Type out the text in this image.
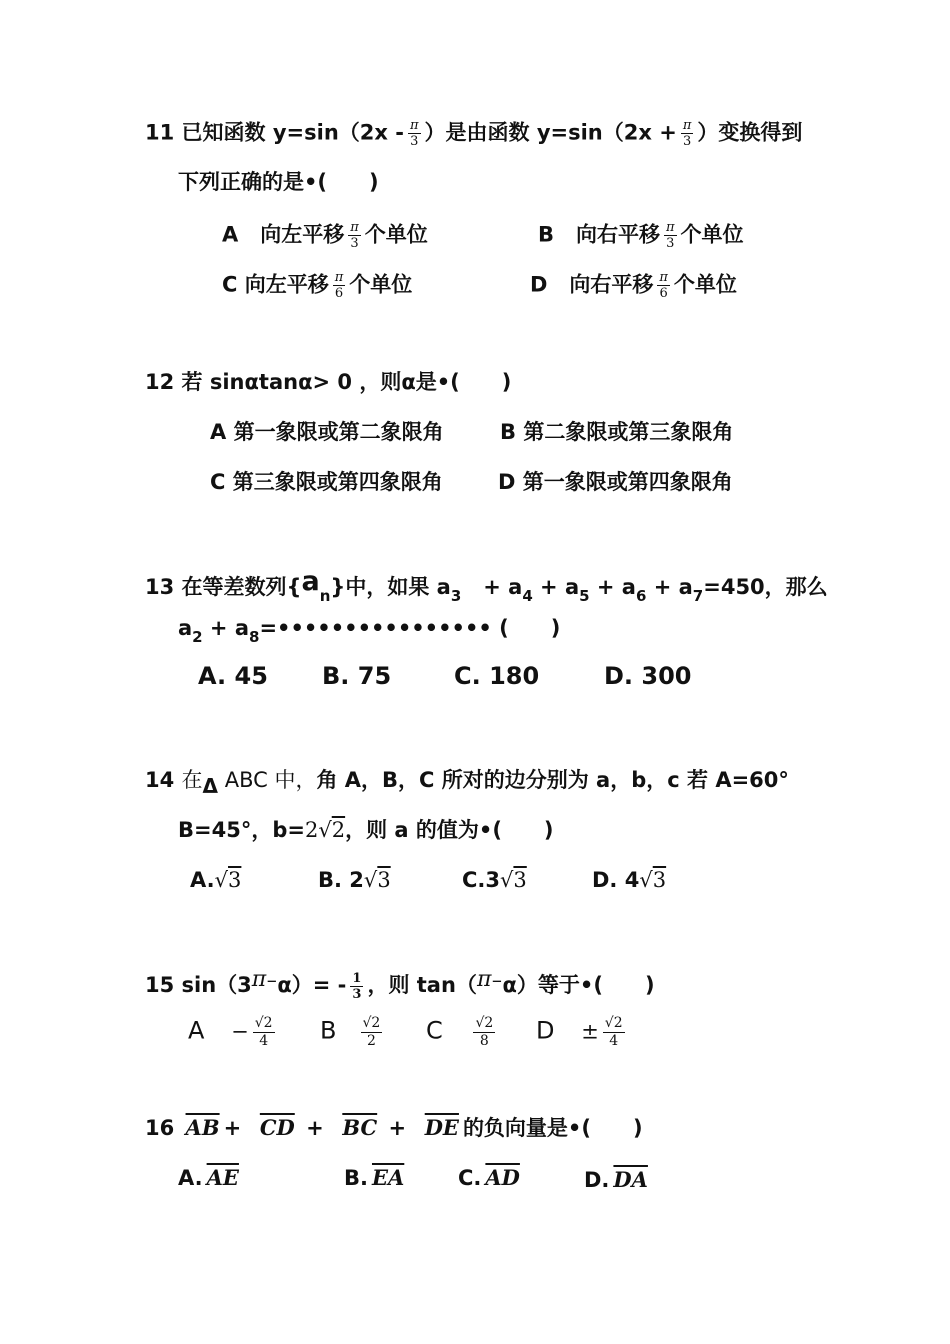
11 已知函数 $y=\sin(2x - \frac{\pi}{3}$ ）是由函数 $y=\sin(2x + \frac{\pi}{3}$ ）变换得到
下列正确的是•(　　)
A 向左平移 $\frac{\pi}{3}$ 个单位	B 向右平移 $\frac{\pi}{3}$ 个单位
C 向左平移 $\frac{\pi}{6}$ 个单位	D 向右平移 $\frac{\pi}{6}$ 个单位
12 若 sinαtanα> 0 ，则α是•(　　)
A 第一象限或第二象限角	B 第二象限或第三象限角
C 第三象限或第四象限角	D 第一象限或第四象限角
13 在等差数列$\{a_n\}$中，如果 $a_3 + a_4 + a_5 + a_6 + a_7=450$，那么
$a_2$ + $a_8=••••••••••••••••$ (　　)
A. 45 B. 75	C. 180	D. 300
14 在Δ ABC 中，角 A，B，C 所对的边分别为 a，b，c 若 A=60°
B=45°，b=2√2，则 a 的值为•(　　)
A.√3	B. 2√3	C.3√3	D. 4√3
15 $\sin(3\pi^-\alpha)= - \frac{1}{3}$ ，则 tan（π⁻α）等于•(　　)
$A - \frac{√2}{4}$ B $\frac{√2}{2}$ C $\frac{√2}{8}$ $D \pm \frac{√2}{4}$
16 $\overline{AB} + \overline{CD} + \overline{BC} + \overline{DE}$ 的负向量是•(　　)
A. $\overline{AE}$	B. $\overline{EA}$	C. $\overline{AD}$	D. $\overline{DA}$
